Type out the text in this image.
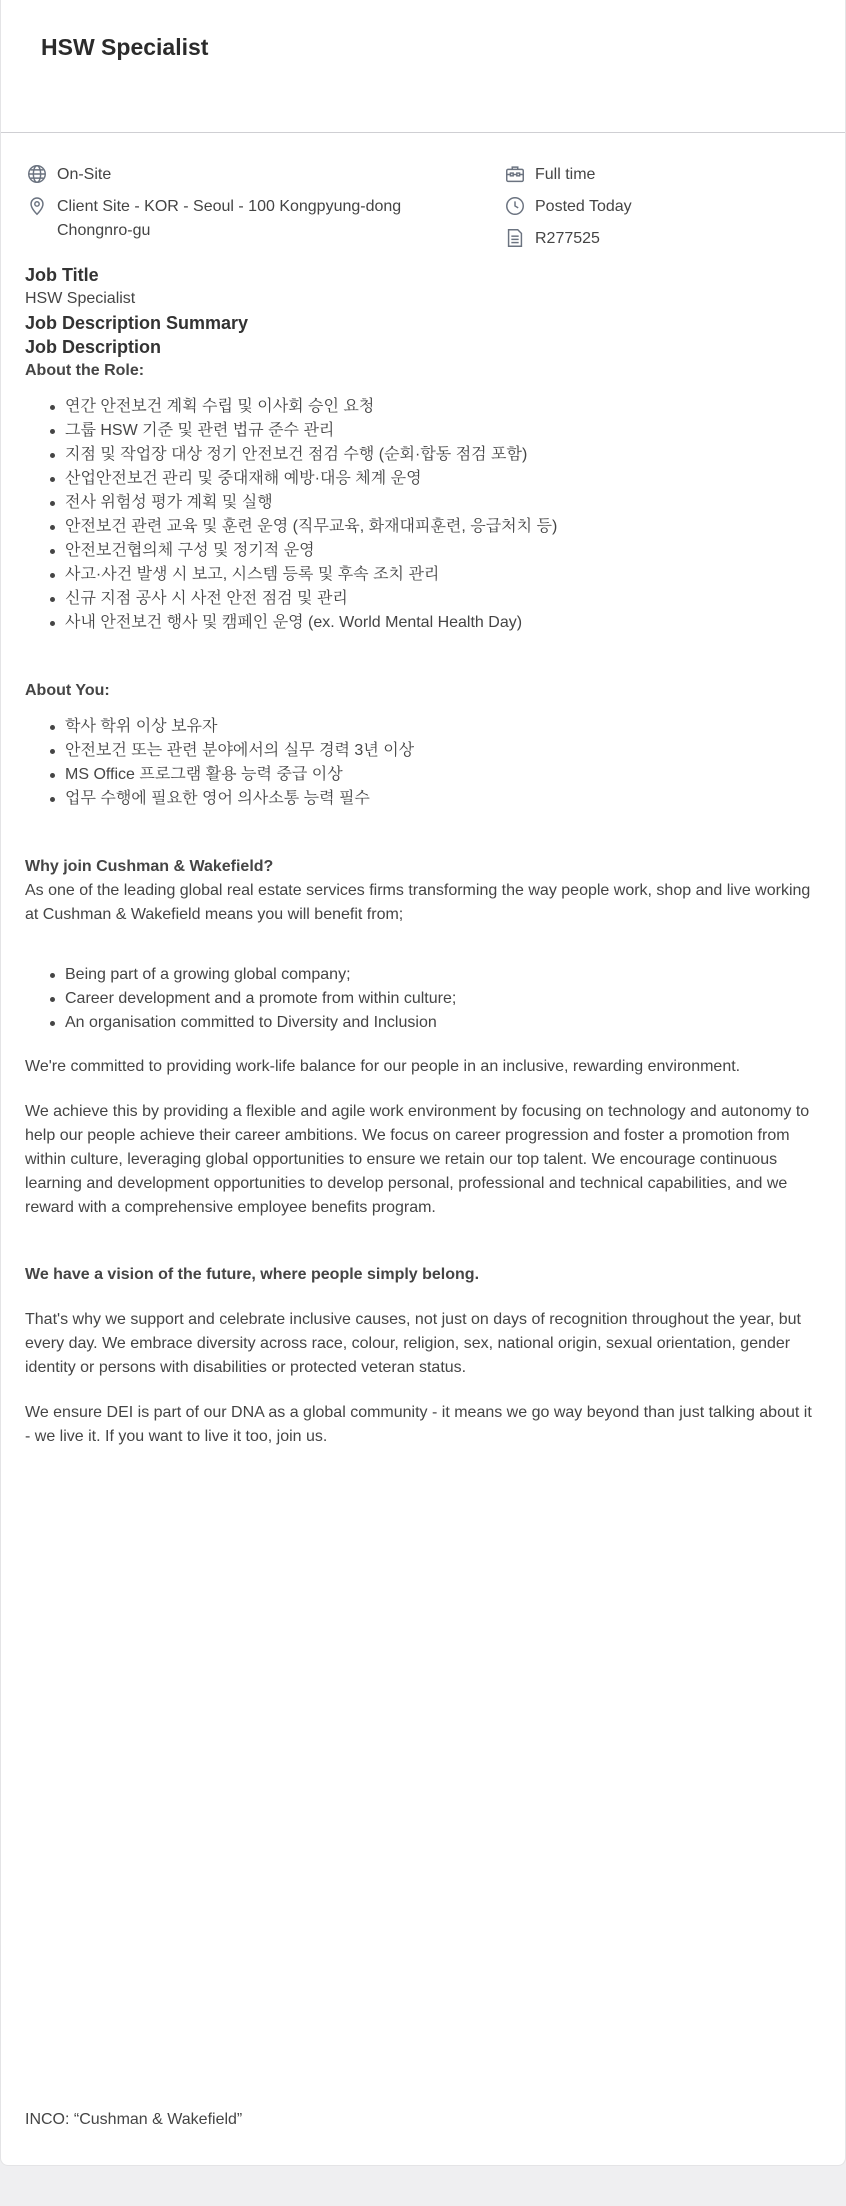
HSW Specialist
On-Site
Client Site - KOR - Seoul - 100 Kongpyung-dong Chongnro-gu
Full time
Posted Today
R277525
Job Title
HSW Specialist
Job Description Summary
Job Description
About the Role:
연간 안전보건 계획 수립 및 이사회 승인 요청
그룹 HSW 기준 및 관련 법규 준수 관리
지점 및 작업장 대상 정기 안전보건 점검 수행 (순회·합동 점검 포함)
산업안전보건 관리 및 중대재해 예방·대응 체계 운영
전사 위험성 평가 계획 및 실행
안전보건 관련 교육 및 훈련 운영 (직무교육, 화재대피훈련, 응급처치 등)
안전보건협의체 구성 및 정기적 운영
사고·사건 발생 시 보고, 시스템 등록 및 후속 조치 관리
신규 지점 공사 시 사전 안전 점검 및 관리
사내 안전보건 행사 및 캠페인 운영 (ex. World Mental Health Day)
About You:
학사 학위 이상 보유자
안전보건 또는 관련 분야에서의 실무 경력 3년 이상
MS Office 프로그램 활용 능력 중급 이상
업무 수행에 필요한 영어 의사소통 능력 필수
Why join Cushman & Wakefield?

As one of the leading global real estate services firms transforming the way people work, shop and live working at Cushman & Wakefield means you will benefit from;

Being part of a growing global company;
Career development and a promote from within culture;
An organisation committed to Diversity and Inclusion

We're committed to providing work-life balance for our people in an inclusive, rewarding environment.

We achieve this by providing a flexible and agile work environment by focusing on technology and autonomy to help our people achieve their career ambitions. We focus on career progression and foster a promotion from within culture, leveraging global opportunities to ensure we retain our top talent. We encourage continuous learning and development opportunities to develop personal, professional and technical capabilities, and we reward with a comprehensive employee benefits program.

We have a vision of the future, where people simply belong.

That's why we support and celebrate inclusive causes, not just on days of recognition throughout the year, but every day. We embrace diversity across race, colour, religion, sex, national origin, sexual orientation, gender identity or persons with disabilities or protected veteran status.

We ensure DEI is part of our DNA as a global community - it means we go way beyond than just talking about it - we live it. If you want to live it too, join us.

INCO: “Cushman & Wakefield”
